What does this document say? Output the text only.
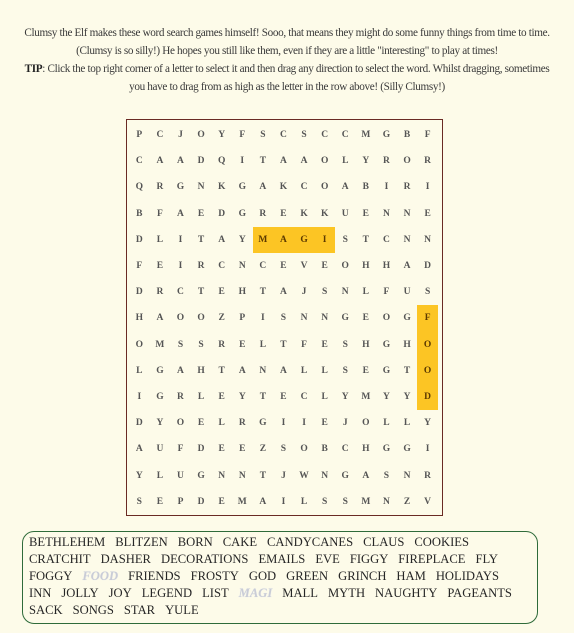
Clumsy the Elf makes these word search games himself! Sooo, that means they might do some funny things from time to time.
(Clumsy is so silly!) He hopes you still like them, even if they are a little "interesting" to play at times!
TIP: Click the top right corner of a letter to select it and then drag any direction to select the word. Whilst dragging, sometimes
you have to drag from as high as the letter in the row above! (Silly Clumsy!)
P	C	J	O	Y	F	S	C	S	C	C	M	G	B	F
C	A	A	D	Q	I	T	A	A	O	L	Y	R	O	R
Q	R	G	N	K	G	A	K	C	O	A	B	I	R	I
B	F	A	E	D	G	R	E	K	K	U	E	N	N	E
D	L	I	T	A	Y	M	A	G	I	S	T	C	N	N
F	E	I	R	C	N	C	E	V	E	O	H	H	A	D
D	R	C	T	E	H	T	A	J	S	N	L	F	U	S
H	A	O	O	Z	P	I	S	N	N	G	E	O	G	F
O	M	S	S	R	E	L	T	F	E	S	H	G	H	O
L	G	A	H	T	A	N	A	L	L	S	E	G	T	O
I	G	R	L	E	Y	T	E	C	L	Y	M	Y	Y	D
D	Y	O	E	L	R	G	I	I	E	J	O	L	L	Y
A	U	F	D	E	E	Z	S	O	B	C	H	G	G	I
Y	L	U	G	N	N	T	J	W	N	G	A	S	N	R
S	E	P	D	E	M	A	I	L	S	S	M	N	Z	V
BETHLEHEM BLITZEN BORN CAKE CANDYCANES CLAUS COOKIESCRATCHIT DASHER DECORATIONS EMAILS EVE FIGGY FIREPLACE FLYFOGGY FOOD FRIENDS FROSTY GOD GREEN GRINCH HAM HOLIDAYSINN JOLLY JOY LEGEND LIST MAGI MALL MYTH NAUGHTY PAGEANTSSACK SONGS STAR YULE
